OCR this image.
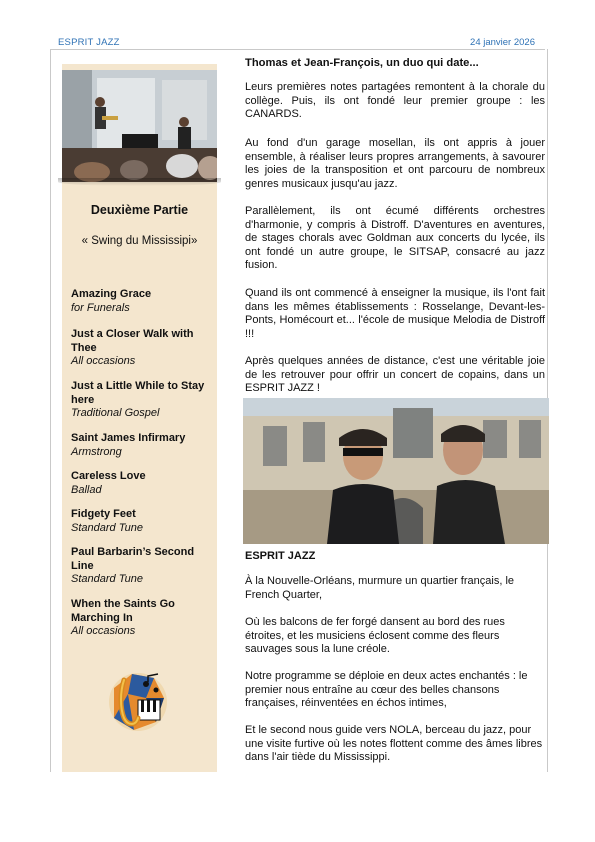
ESPRIT JAZZ	24 janvier 2026
Deuxième Partie
« Swing du Mississipi»
Amazing Grace
for Funerals
Just a Closer Walk with Thee
All occasions
Just a Little While to Stay here
Traditional Gospel
Saint James Infirmary
Armstrong
Careless Love
Ballad
Fidgety Feet
Standard Tune
Paul Barbarin’s Second Line
Standard Tune
When the Saints Go Marching In
All occasions
Thomas et Jean-François, un duo qui date...
Leurs premières notes partagées remontent à la chorale du collège. Puis, ils ont fondé leur premier groupe : les CANARDS.
Au fond d'un garage mosellan, ils ont appris à jouer ensemble, à réaliser leurs propres arrangements, à savourer les joies de la transposition et ont parcouru de nombreux genres musicaux jusqu'au jazz.
Parallèlement, ils ont écumé différents orchestres d'harmonie, y compris à Distroff. D'aventures en aventures, de stages chorals avec Goldman aux concerts du lycée, ils ont fondé un autre groupe, le SITSAP, consacré au jazz fusion.
Quand ils ont commencé à enseigner la musique, ils l'ont fait dans les mêmes établissements : Rosselange, Devant-les-Ponts, Homécourt et... l'école de musique Melodia de Distroff !!!
Après quelques années de distance, c'est une véritable joie de les retrouver pour offrir un concert de copains, dans un ESPRIT JAZZ !
ESPRIT JAZZ
À la Nouvelle-Orléans, murmure un quartier français, le French Quarter,
Où les balcons de fer forgé dansent au bord des rues étroites, et les musiciens éclosent comme des fleurs sauvages sous la lune créole.
Notre programme se déploie en deux actes enchantés : le premier nous entraîne au cœur des belles chansons françaises, réinventées en échos intimes,
Et le second nous guide vers NOLA, berceau du jazz, pour une visite furtive où les notes flottent comme des âmes libres dans l'air tiède du Mississippi.
